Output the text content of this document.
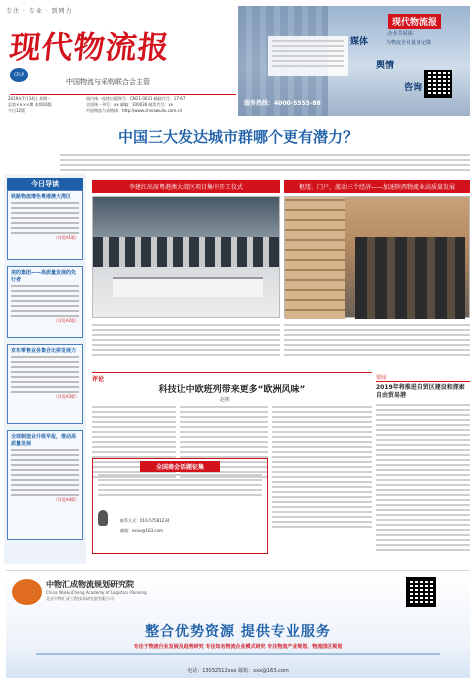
专注 · 专业 · 到网力
现代物流报
CFLP
中国物流与采购联合会主管
2019年7月14日 星期一
总第××××期 本期16版
今日12版
国内统一连续出版物号：CN11-0031 邮政代号：17-67
全国统一刊号：xx 邮编：100036 邮发代号：xx
中国物流与采购网：http://www.chinawuliu.com.cn
现代物流报
·企业共同体·
为物流企业量身定做
媒体
舆情
咨询
服务热线：4000-5555-88
中国三大发达城市群哪个更有潜力？
今日导读
铁路物流增色粤港澳大湾区
（详见A1版）
美的集团——高质量发展的先行者
（详见A2版）
京东零售业务集合比拼发展力
（详见A3版）
全球制造业升级早报，推动高质量发展
（详见A4版）
李建红出席粤港澳大湾区项目集中开工仪式	枢纽、门户、流动三个经济——加速陕西物流业高质量发展
评论
科技让中欧班列带来更多“欧洲风味”
赵彬
全国商会话题征集
联系方式：010-57581234
邮箱：xxxx@163.com
要闻
2019年将推进自贸区建设和探索自由贸易港
中物汇成物流规划研究院
China WuHuiCheng Academy of Logistics Planning
北京中物汇成工程技术研究院有限公司
整合优势资源 提供专业服务
专注于物流行业发展及趋势研究 专注知名物流企业模式研究 专注物流产业规划、物流园区规划
电话：13032512xxx 邮箱：xxx@163.com
